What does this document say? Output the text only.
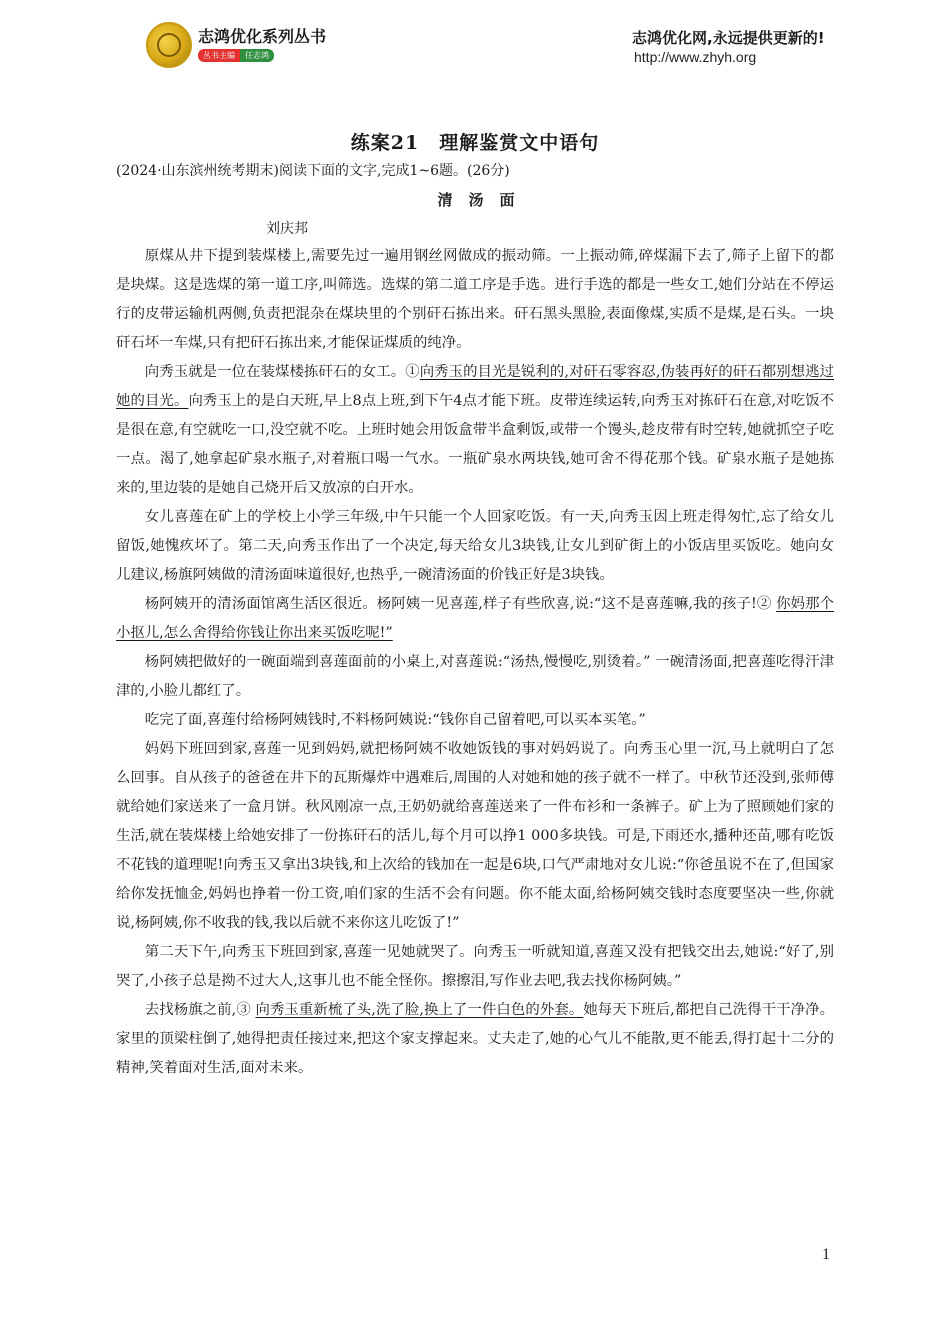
志鸿优化系列丛书
丛书主编 任志鸿
志鸿优化网,永远提供更新的!
http://www.zhyh.org
练案21　理解鉴赏文中语句
(2024·山东滨州统考期末)阅读下面的文字,完成1~6题。(26分)
清汤面
刘庆邦

原煤从井下提到装煤楼上,需要先过一遍用钢丝网做成的振动筛。一上振动筛,碎煤漏下去了,筛子上留下的都是块煤。这是选煤的第一道工序,叫筛选。选煤的第二道工序是手选。进行手选的都是一些女工,她们分站在不停运行的皮带运输机两侧,负责把混杂在煤块里的个别矸石拣出来。矸石黑头黑脸,表面像煤,实质不是煤,是石头。一块矸石坏一车煤,只有把矸石拣出来,才能保证煤质的纯净。

向秀玉就是一位在装煤楼拣矸石的女工。①向秀玉的目光是锐利的,对矸石零容忍,伪装再好的矸石都别想逃过她的目光。向秀玉上的是白天班,早上8点上班,到下午4点才能下班。皮带连续运转,向秀玉对拣矸石在意,对吃饭不是很在意,有空就吃一口,没空就不吃。上班时她会用饭盒带半盒剩饭,或带一个馒头,趁皮带有时空转,她就抓空子吃一点。渴了,她拿起矿泉水瓶子,对着瓶口喝一气水。一瓶矿泉水两块钱,她可舍不得花那个钱。矿泉水瓶子是她拣来的,里边装的是她自己烧开后又放凉的白开水。

女儿喜莲在矿上的学校上小学三年级,中午只能一个人回家吃饭。有一天,向秀玉因上班走得匆忙,忘了给女儿留饭,她愧疚坏了。第二天,向秀玉作出了一个决定,每天给女儿3块钱,让女儿到矿街上的小饭店里买饭吃。她向女儿建议,杨旗阿姨做的清汤面味道很好,也热乎,一碗清汤面的价钱正好是3块钱。

杨阿姨开的清汤面馆离生活区很近。杨阿姨一见喜莲,样子有些欣喜,说:“这不是喜莲嘛,我的孩子!② 你妈那个小抠儿,怎么舍得给你钱让你出来买饭吃呢!”

杨阿姨把做好的一碗面端到喜莲面前的小桌上,对喜莲说:“汤热,慢慢吃,别烫着。” 一碗清汤面,把喜莲吃得汗津津的,小脸儿都红了。

吃完了面,喜莲付给杨阿姨钱时,不料杨阿姨说:“钱你自己留着吧,可以买本买笔。”

妈妈下班回到家,喜莲一见到妈妈,就把杨阿姨不收她饭钱的事对妈妈说了。向秀玉心里一沉,马上就明白了怎么回事。自从孩子的爸爸在井下的瓦斯爆炸中遇难后,周围的人对她和她的孩子就不一样了。中秋节还没到,张师傅就给她们家送来了一盒月饼。秋风刚凉一点,王奶奶就给喜莲送来了一件布衫和一条裤子。矿上为了照顾她们家的生活,就在装煤楼上给她安排了一份拣矸石的活儿,每个月可以挣1 000多块钱。可是,下雨还水,播种还苗,哪有吃饭不花钱的道理呢!向秀玉又拿出3块钱,和上次给的钱加在一起是6块,口气严肃地对女儿说:“你爸虽说不在了,但国家给你发抚恤金,妈妈也挣着一份工资,咱们家的生活不会有问题。你不能太面,给杨阿姨交钱时态度要坚决一些,你就说,杨阿姨,你不收我的钱,我以后就不来你这儿吃饭了!”

第二天下午,向秀玉下班回到家,喜莲一见她就哭了。向秀玉一听就知道,喜莲又没有把钱交出去,她说:“好了,别哭了,小孩子总是拗不过大人,这事儿也不能全怪你。擦擦泪,写作业去吧,我去找你杨阿姨。”

去找杨旗之前,③ 向秀玉重新梳了头,洗了脸,换上了一件白色的外套。她每天下班后,都把自己洗得干干净净。家里的顶梁柱倒了,她得把责任接过来,把这个家支撑起来。丈夫走了,她的心气儿不能散,更不能丢,得打起十二分的精神,笑着面对生活,面对未来。

1
